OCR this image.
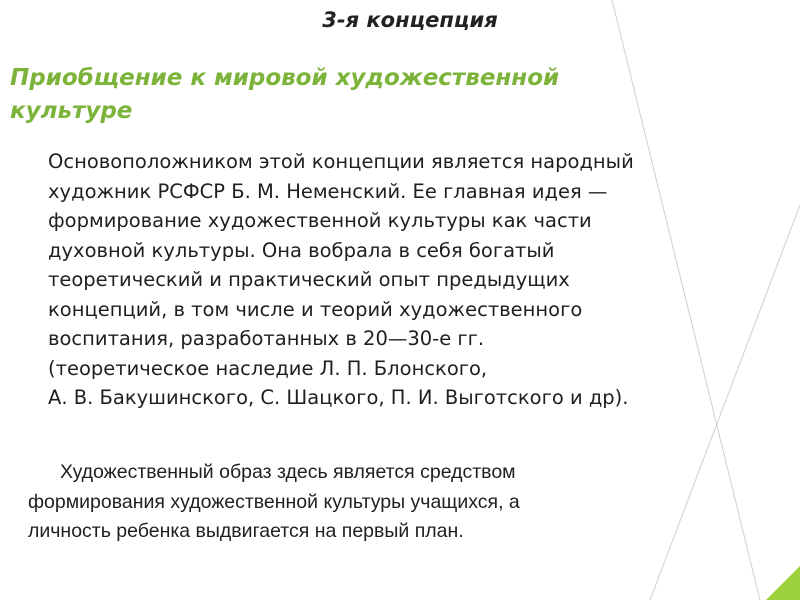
3-я концепция
Приобщение к мировой художественной
культуре
Основоположником этой концепции является народный
художник РСФСР Б. М. Неменский. Ее главная идея —
формирование художественной культуры как части
духовной культуры. Она вобрала в себя богатый
теоретический и практический опыт предыдущих
концепций, в том числе и теорий художественного
воспитания, разработанных в 20—30-е гг.
(теоретическое наследие Л. П. Блонского,
А. В. Бакушинского, С. Шацкого, П. И. Выготского и др).
Художественный образ здесь является средством
формирования художественной культуры учащихся, а
личность ребенка выдвигается на первый план.
